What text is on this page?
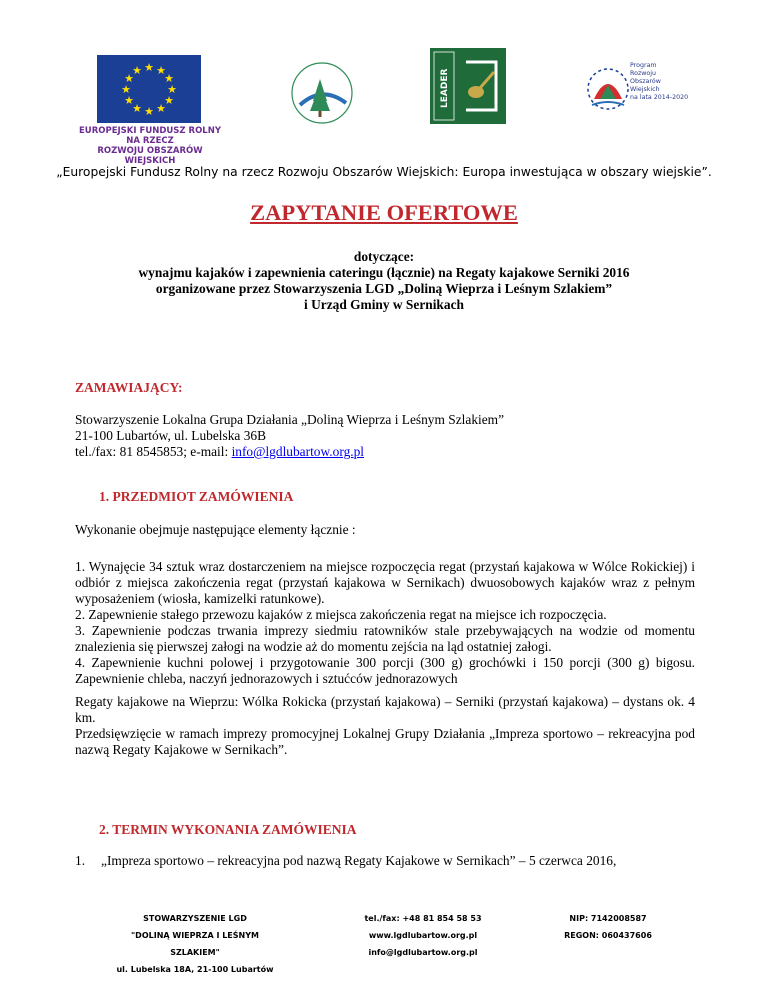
★ ★
★
★
★
★
★
★
★
★
★
★
EUROPEJSKI FUNDUSZ ROLNY NA RZECZ
ROZWOJU OBSZARÓW WIEJSKICH
LEADER
Program
Rozwoju
Obszarów
Wiejskich
na lata 2014-2020
„Europejski Fundusz Rolny na rzecz Rozwoju Obszarów Wiejskich: Europa inwestująca w obszary wiejskie”.
ZAPYTANIE OFERTOWE
dotyczące:
wynajmu kajaków i zapewnienia cateringu (łącznie) na Regaty kajakowe Serniki 2016
organizowane przez Stowarzyszenia LGD „Doliną Wieprza i Leśnym Szlakiem”
i Urząd Gminy w Sernikach
ZAMAWIAJĄCY:
Stowarzyszenie Lokalna Grupa Działania „Doliną Wieprza i Leśnym Szlakiem”
21-100 Lubartów, ul. Lubelska 36B
tel./fax: 81 8545853; e-mail: info@lgdlubartow.org.pl
1. PRZEDMIOT ZAMÓWIENIA
Wykonanie obejmuje następujące elementy łącznie :

1. Wynajęcie 34 sztuk wraz dostarczeniem na miejsce rozpoczęcia regat (przystań kajakowa w Wólce Rokickiej) i odbiór z miejsca zakończenia regat (przystań kajakowa w Sernikach) dwuosobowych kajaków wraz z pełnym wyposażeniem (wiosła, kamizelki ratunkowe).

2. Zapewnienie stałego przewozu kajaków z miejsca zakończenia regat na miejsce ich rozpoczęcia.

3. Zapewnienie podczas trwania imprezy siedmiu ratowników stale przebywających na wodzie od momentu znalezienia się pierwszej załogi na wodzie aż do momentu zejścia na ląd ostatniej załogi.

4. Zapewnienie kuchni polowej i przygotowanie 300 porcji (300 g) grochówki i 150 porcji (300 g) bigosu. Zapewnienie chleba, naczyń jednorazowych i sztućców jednorazowych

Regaty kajakowe na Wieprzu: Wólka Rokicka (przystań kajakowa) – Serniki (przystań kajakowa) – dystans ok. 4 km.

Przedsięwzięcie w ramach imprezy promocyjnej Lokalnej Grupy Działania „Impreza sportowo – rekreacyjna pod nazwą Regaty Kajakowe w Sernikach”.

2. TERMIN WYKONANIA ZAMÓWIENIA
1. „Impreza sportowo – rekreacyjna pod nazwą Regaty Kajakowe w Sernikach” – 5 czerwca 2016,
STOWARZYSZENIE LGD
"DOLINĄ WIEPRZA I LEŚNYM SZLAKIEM"
ul. Lubelska 18A, 21-100 Lubartów
tel./fax: +48 81 854 58 53
www.lgdlubartow.org.pl
info@lgdlubartow.org.pl
NIP: 7142008587
REGON: 060437606
